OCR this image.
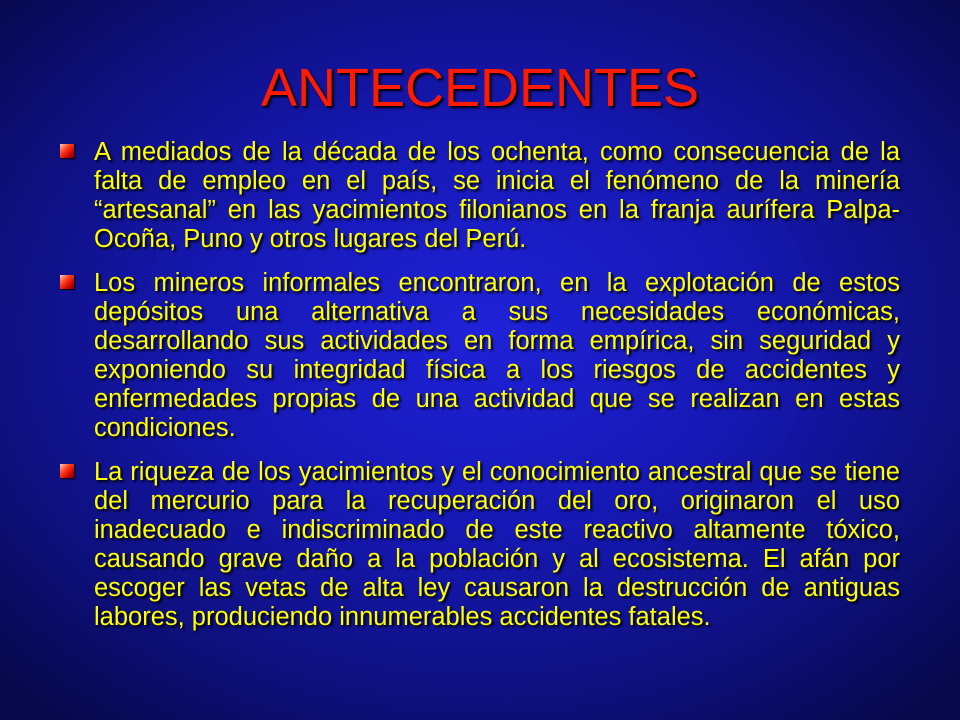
ANTECEDENTES
A mediados de la década de los ochenta, como consecuencia de la falta de empleo en el país, se inicia el fenómeno de la minería “artesanal” en las yacimientos filonianos en la franja aurífera Palpa- Ocoña, Puno y otros lugares del Perú.
Los mineros informales encontraron, en la explotación de estos depósitos una alternativa a sus necesidades económicas, desarrollando sus actividades en forma empírica, sin seguridad y exponiendo su integridad física a los riesgos de accidentes y enfermedades propias de una actividad que se realizan en estas condiciones.
La riqueza de los yacimientos y el conocimiento ancestral que se tiene del mercurio para la recuperación del oro, originaron el uso inadecuado e indiscriminado de este reactivo altamente tóxico, causando grave daño a la población y al ecosistema. El afán por escoger las vetas de alta ley causaron la destrucción de antiguas labores, produciendo innumerables accidentes fatales.
